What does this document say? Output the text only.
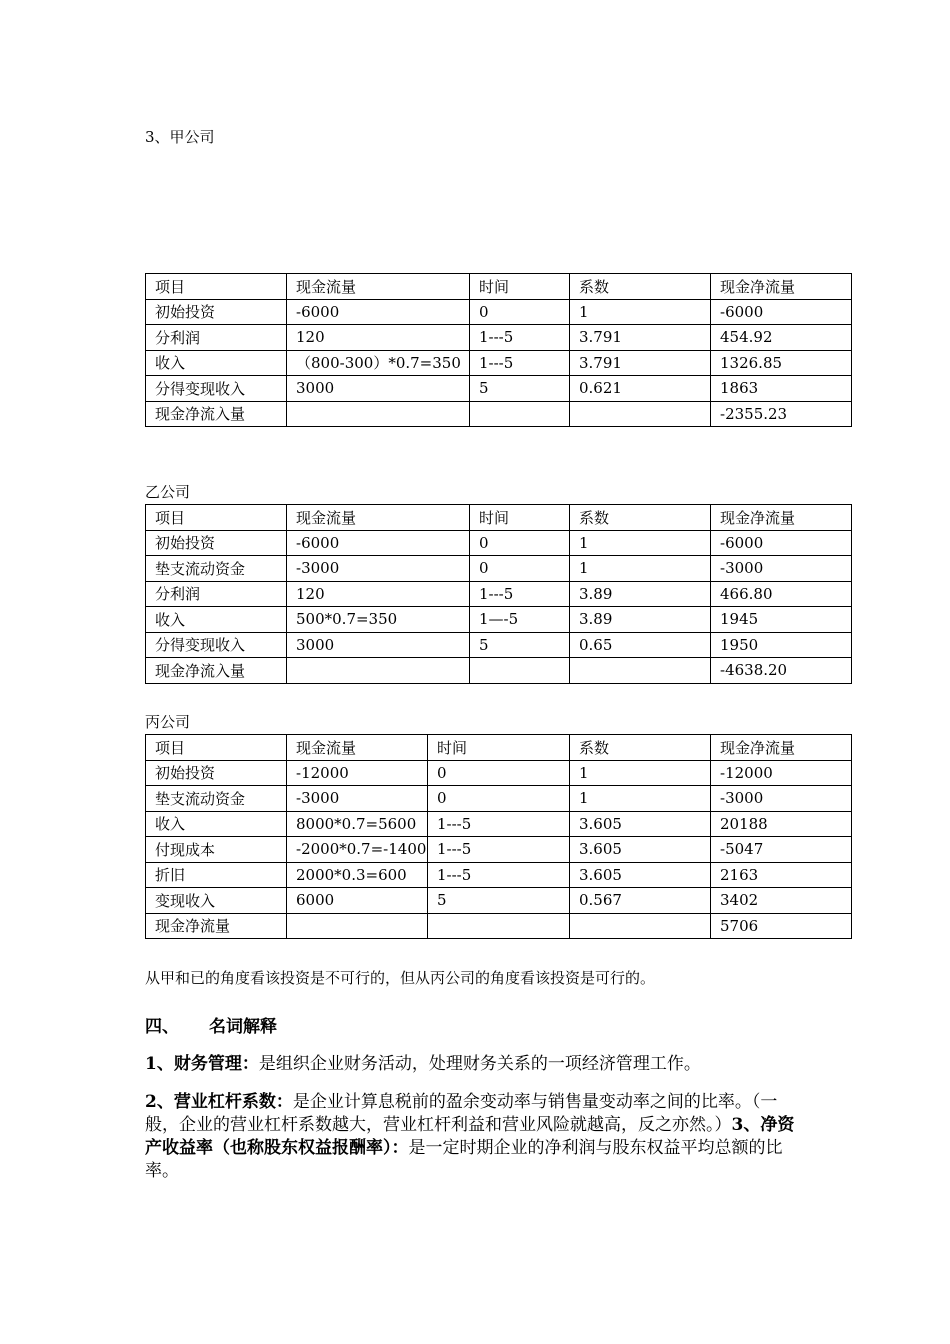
3、甲公司
项目	现金流量	时间	系数	现金净流量
初始投资	-6000	0	1	-6000
分利润	120	1---5	3.791	454.92
收入	（800-300）*0.7=350	1---5	3.791	1326.85
分得变现收入	3000	5	0.621	1863
现金净流入量				-2355.23
乙公司
项目	现金流量	时间	系数	现金净流量
初始投资	-6000	0	1	-6000
垫支流动资金	-3000	0	1	-3000
分利润	120	1---5	3.89	466.80
收入	500*0.7=350	1—-5	3.89	1945
分得变现收入	3000	5	0.65	1950
现金净流入量				-4638.20
丙公司
项目	现金流量	时间	系数	现金净流量
初始投资	-12000	0	1	-12000
垫支流动资金	-3000	0	1	-3000
收入	8000*0.7=5600	1---5	3.605	20188
付现成本	-2000*0.7=-1400	1---5	3.605	-5047
折旧	2000*0.3=600	1---5	3.605	2163
变现收入	6000	5	0.567	3402
现金净流量				5706
从甲和已的角度看该投资是不可行的，但从丙公司的角度看该投资是可行的。
四、 名词解释
1、财务管理：是组织企业财务活动，处理财务关系的一项经济管理工作。
2、营业杠杆系数：是企业计算息税前的盈余变动率与销售量变动率之间的比率。（一般，企业的营业杠杆系数越大，营业杠杆利益和营业风险就越高，反之亦然。）3、净资产收益率（也称股东权益报酬率）：是一定时期企业的净利润与股东权益平均总额的比率。
